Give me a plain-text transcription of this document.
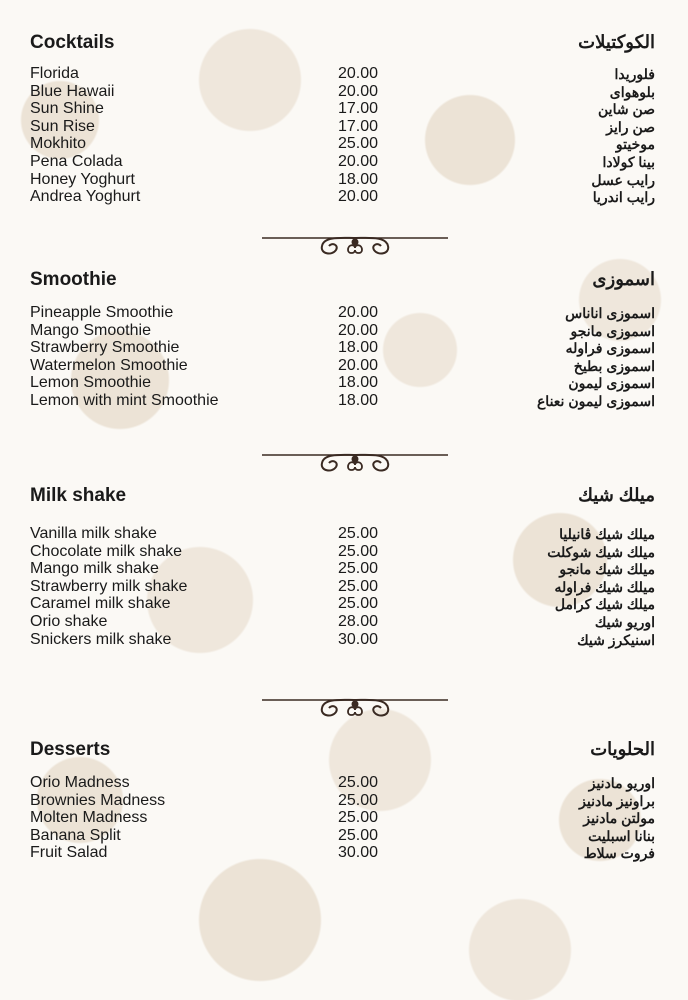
Cocktails	الكوكتيلات
Florida	20.00	فلوريدا
Blue Hawaii	20.00	بلوهواى
Sun Shine	17.00	صن شاين
Sun Rise	17.00	صن رايز
Mokhito	25.00	موخيتو
Pena Colada	20.00	بينا كولادا
Honey Yoghurt	18.00	رايب عسل
Andrea Yoghurt	20.00	رايب اندريا
Smoothie	اسموزى
Pineapple Smoothie	20.00	اسموزى اناناس
Mango Smoothie	20.00	اسموزى مانجو
Strawberry Smoothie	18.00	اسموزى فراوله
Watermelon Smoothie	20.00	اسموزى بطيخ
Lemon Smoothie	18.00	اسموزى ليمون
Lemon with mint Smoothie	18.00	اسموزى ليمون نعناع
Milk shake	ميلك شيك
Vanilla milk shake	25.00	ميلك شيك ڤانيليا
Chocolate milk shake	25.00	ميلك شيك شوكلت
Mango milk shake	25.00	ميلك شيك مانجو
Strawberry milk shake	25.00	ميلك شيك فراوله
Caramel milk shake	25.00	ميلك شيك كرامل
Orio shake	28.00	اوريو شيك
Snickers milk shake	30.00	اسنيكرز شيك
Desserts	الحلويات
Orio Madness	25.00	اوريو مادنيز
Brownies Madness	25.00	براونيز مادنيز
Molten Madness	25.00	مولتن مادنيز
Banana Split	25.00	بنانا اسبليت
Fruit Salad	30.00	فروت سلاط
